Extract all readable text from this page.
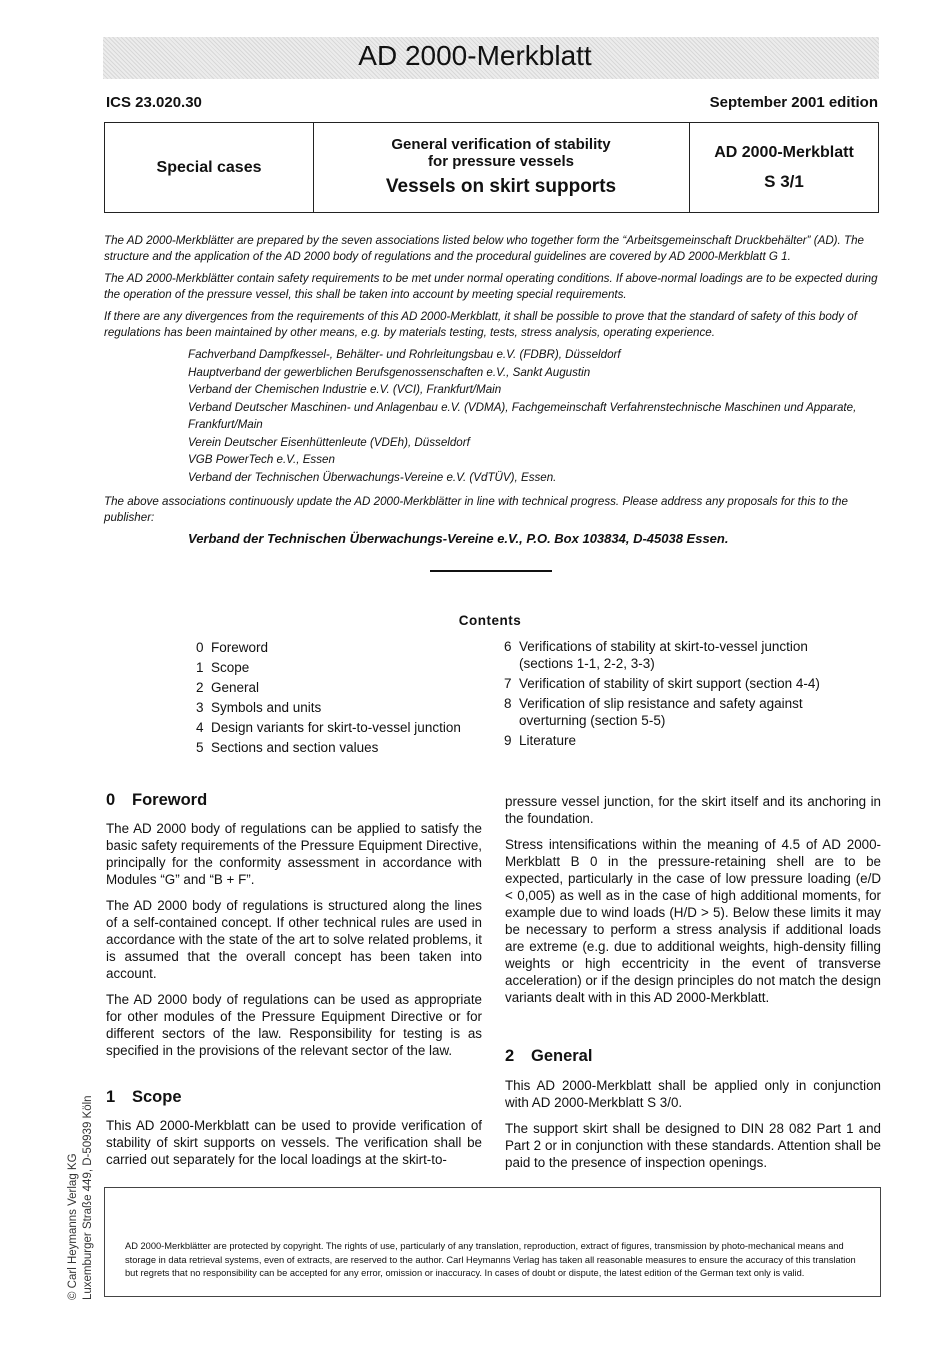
AD 2000-Merkblatt
ICS 23.020.30	September 2001 edition
Special cases
General verification of stability
for pressure vessels
Vessels on skirt supports
AD 2000-Merkblatt
S 3/1

The AD 2000-Merkblätter are prepared by the seven associations listed below who together form the “Arbeitsgemeinschaft Druckbehälter” (AD). The structure and the application of the AD 2000 body of regulations and the procedural guidelines are covered by AD 2000-Merkblatt G 1.

The AD 2000-Merkblätter contain safety requirements to be met under normal operating conditions. If above-normal loadings are to be expected during the operation of the pressure vessel, this shall be taken into account by meeting special requirements.

If there are any divergences from the requirements of this AD 2000-Merkblatt, it shall be possible to prove that the standard of safety of this body of regulations has been maintained by other means, e.g. by materials testing, tests, stress analysis, operating experience.

Fachverband Dampfkessel-, Behälter- und Rohrleitungsbau e.V. (FDBR), Düsseldorf
Hauptverband der gewerblichen Berufsgenossenschaften e.V., Sankt Augustin
Verband der Chemischen Industrie e.V. (VCI), Frankfurt/Main
Verband Deutscher Maschinen- und Anlagenbau e.V. (VDMA), Fachgemeinschaft Verfahrenstechnische Maschinen und Apparate, Frankfurt/Main
Verein Deutscher Eisenhüttenleute (VDEh), Düsseldorf
VGB PowerTech e.V., Essen
Verband der Technischen Überwachungs-Vereine e.V. (VdTÜV), Essen.
The above associations continuously update the AD 2000-Merkblätter in line with technical progress. Please address any proposals for this to the publisher:
Verband der Technischen Überwachungs-Vereine e.V., P.O. Box 103834, D-45038 Essen.
Contents
0 Foreword
1 Scope
2 General
3 Symbols and units
4 Design variants for skirt-to-vessel junction
5 Sections and section values
6 Verifications of stability at skirt-to-vessel junction (sections 1-1, 2-2, 3-3)
7 Verification of stability of skirt support (section 4-4)
8 Verification of slip resistance and safety against overturning (section 5-5)
9 Literature
0 Foreword

The AD 2000 body of regulations can be applied to satisfy the basic safety requirements of the Pressure Equipment Directive, principally for the conformity assessment in accordance with Modules “G” and “B + F”.

The AD 2000 body of regulations is structured along the lines of a self-contained concept. If other technical rules are used in accordance with the state of the art to solve related problems, it is assumed that the overall concept has been taken into account.

The AD 2000 body of regulations can be used as appropriate for other modules of the Pressure Equipment Directive or for different sectors of the law. Responsibility for testing is as specified in the provisions of the relevant sector of the law.

1 Scope

This AD 2000-Merkblatt can be used to provide verification of stability of skirt supports on vessels. The verification shall be carried out separately for the local loadings at the skirt-to-

pressure vessel junction, for the skirt itself and its anchoring in the foundation.

Stress intensifications within the meaning of 4.5 of AD 2000-Merkblatt B 0 in the pressure-retaining shell are to be expected, particularly in the case of low pressure loading (e/D < 0,005) as well as in the case of high additional moments, for example due to wind loads (H/D > 5). Below these limits it may be necessary to perform a stress analysis if additional loads are extreme (e.g. due to additional weights, high-density filling weights or high eccentricity in the event of transverse acceleration) or if the design principles do not match the design variants dealt with in this AD 2000-Merkblatt.

2 General

This AD 2000-Merkblatt shall be applied only in conjunction with AD 2000-Merkblatt S 3/0.

The support skirt shall be designed to DIN 28 082 Part 1 and Part 2 or in conjunction with these standards. Attention shall be paid to the presence of inspection openings.

© Carl Heymanns Verlag KG Luxemburger Straße 449, D-50939 Köln	AD 2000-Merkblätter are protected by copyright. The rights of use, particularly of any translation, reproduction, extract of figures, transmission by photo-mechanical means and storage in data retrieval systems, even of extracts, are reserved to the author. Carl Heymanns Verlag has taken all reasonable measures to ensure the accuracy of this translation but regrets that no responsibility can be accepted for any error, omission or inaccuracy. In cases of doubt or dispute, the latest edition of the German text only is valid.
